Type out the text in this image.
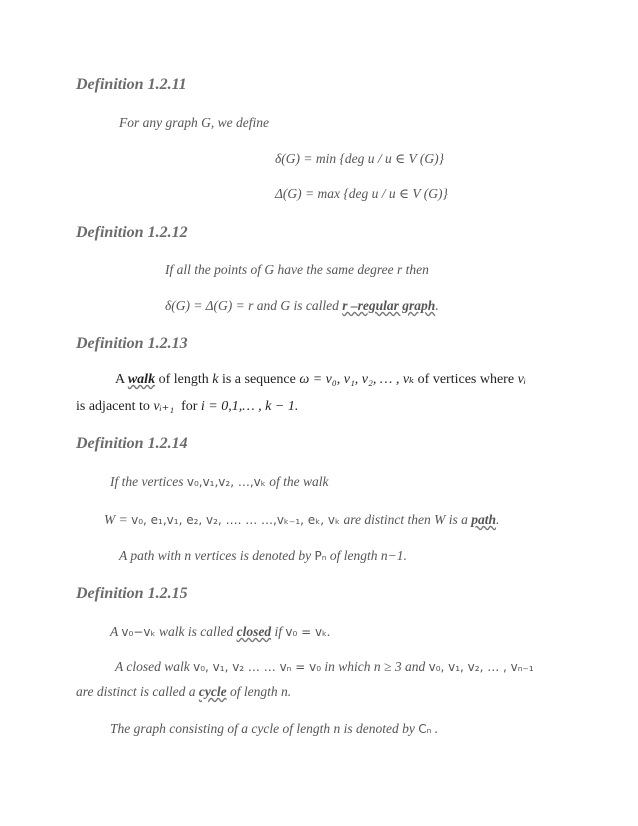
Definition 1.2.11
For any graph G, we define
δ(G) = min {deg u / u ∈ V (G)}
Δ(G) = max {deg u / u ∈ V (G)}
Definition 1.2.12
If all the points of G have the same degree r then
δ(G) = Δ(G) = r and G is called r –regular graph.
Definition 1.2.13
A walk of length k is a sequence ω = v₀, v₁, v₂, … , vₖ of vertices where vᵢ
is adjacent to vᵢ₊₁ for i = 0,1,… , k − 1.
Definition 1.2.14
If the vertices v₀,v₁,v₂, …,vₖ of the walk
W = v₀, e₁,v₁, e₂, v₂, …. … …,vₖ₋₁, eₖ, vₖ are distinct then W is a path.
A path with n vertices is denoted by Pₙ of length n−1.
Definition 1.2.15
A v₀−vₖ walk is called closed if v₀ = vₖ.
A closed walk v₀, v₁, v₂ … … vₙ = v₀ in which n ≥ 3 and v₀, v₁, v₂, … , vₙ₋₁
are distinct is called a cycle of length n.
The graph consisting of a cycle of length n is denoted by Cₙ .
